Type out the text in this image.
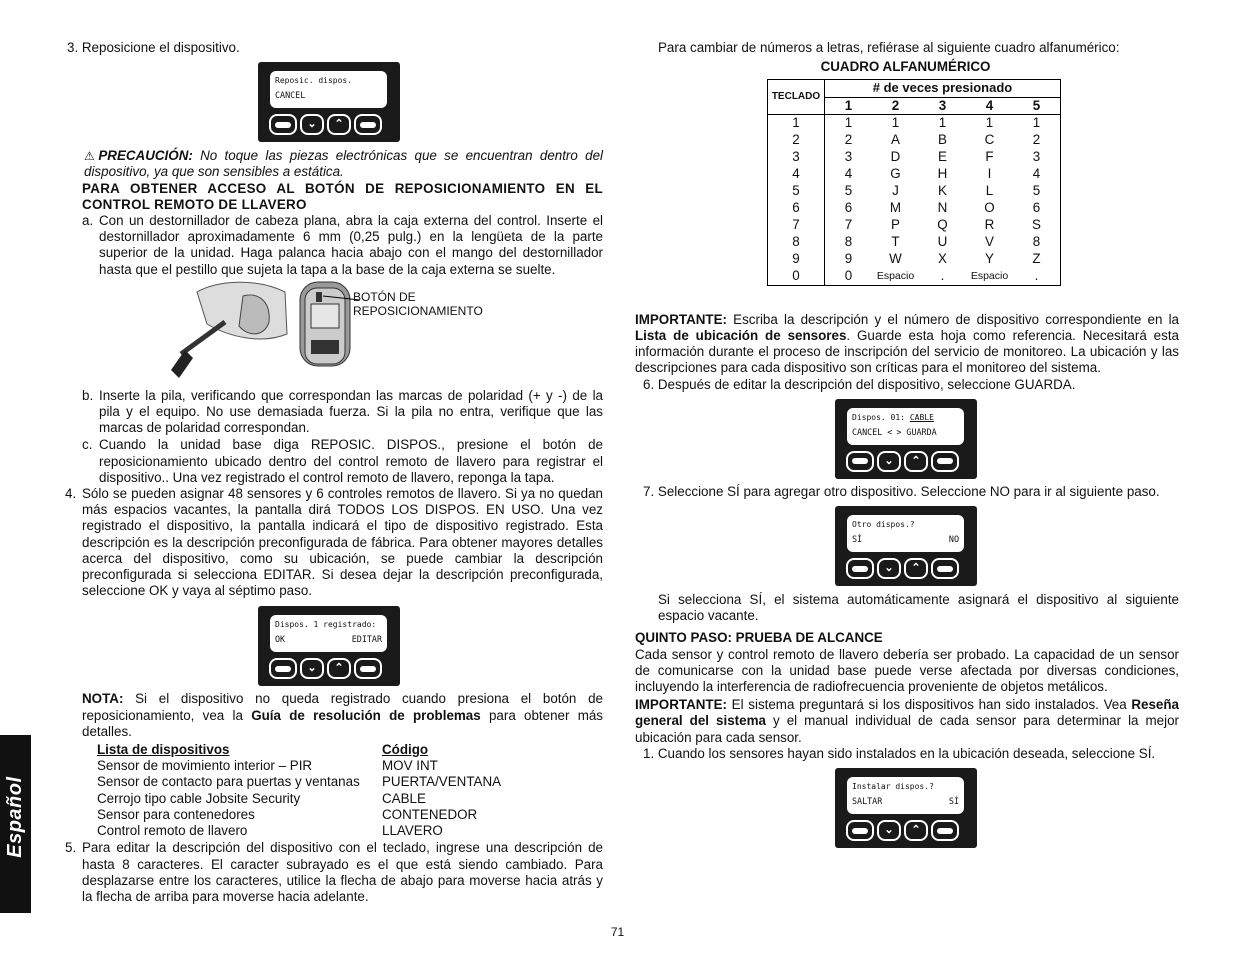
3. Reposicione el dispositivo.

Reposic. dispos.
CANCEL
⌄ ⌃

⚠PRECAUCIÓN: No toque las piezas electrónicas que se encuentran dentro del dispositivo, ya que son sensibles a estática.

PARA OBTENER ACCESO AL BOTÓN DE REPOSICIONAMIENTO EN EL CONTROL REMOTO DE LLAVERO

a. Con un destornillador de cabeza plana, abra la caja externa del control. Inserte el destornillador aproximadamente 6 mm (0,25 pulg.) en la lengüeta de la parte superior de la unidad. Haga palanca hacia abajo con el mango del destornillador hasta que el pestillo que sujeta la tapa a la base de la caja externa se suelte.
BOTÓN DE
REPOSICIONAMIENTO
b. Inserte la pila, verificando que correspondan las marcas de polaridad (+ y -) de la pila y el equipo. No use demasiada fuerza. Si la pila no entra, verifique que las marcas de polaridad correspondan.
c. Cuando la unidad base diga REPOSIC. DISPOS., presione el botón de reposicionamiento ubicado dentro del control remoto de llavero para registrar el dispositivo.. Una vez registrado el control remoto de llavero, reponga la tapa.
4. Sólo se pueden asignar 48 sensores y 6 controles remotos de llavero. Si ya no quedan más espacios vacantes, la pantalla dirá TODOS LOS DISPOS. EN USO. Una vez registrado el dispositivo, la pantalla indicará el tipo de dispositivo registrado. Esta descripción es la descripción preconfigurada de fábrica. Para obtener mayores detalles acerca del dispositivo, como su ubicación, se puede cambiar la descripción preconfigurada si selecciona EDITAR. Si desea dejar la descripción preconfigurada, seleccione OK y vaya al séptimo paso.
Dispos. 1 registrado:
OK	EDITAR
⌄ ⌃

NOTA: Si el dispositivo no queda registrado cuando presiona el botón de reposicionamiento, vea la Guía de resolución de problemas para obtener más detalles.

Lista de dispositivos	Código
Sensor de movimiento interior – PIR	MOV INT
Sensor de contacto para puertas y ventanas	PUERTA/VENTANA
Cerrojo tipo cable Jobsite Security	CABLE
Sensor para contenedores	CONTENEDOR
Control remoto de llavero	LLAVERO
5. Para editar la descripción del dispositivo con el teclado, ingrese una descripción de hasta 8 caracteres. El caracter subrayado es el que está siendo cambiado. Para desplazarse entre los caracteres, utilice la flecha de abajo para moverse hacia atrás y la flecha de arriba para moverse hacia adelante.

Para cambiar de números a letras, refiérase al siguiente cuadro alfanumérico:

CUADRO ALFANUMÉRICO

TECLADO	# de veces presionado				
	1	2	3	4	5
1	1	1	1	1	1
2	2	A	B	C	2
3	3	D	E	F	3
4	4	G	H	I	4
5	5	J	K	L	5
6	6	M	N	O	6
7	7	P	Q	R	S
8	8	T	U	V	8
9	9	W	X	Y	Z
0	0	Espacio	.	Espacio	.

IMPORTANTE: Escriba la descripción y el número de dispositivo correspondiente en la Lista de ubicación de sensores. Guarde esta hoja como referencia. Necesitará esta información durante el proceso de inscripción del servicio de monitoreo. La ubicación y las descripciones para cada dispositivo son críticas para el monitoreo del sistema.

6. Después de editar la descripción del dispositivo, seleccione GUARDA.

Dispos. 01: CABLE
CANCEL < > GUARDA
⌄ ⌃

7. Seleccione SÍ para agregar otro dispositivo. Seleccione NO para ir al siguiente paso.

Otro dispos.?
SÍ	NO
⌄ ⌃

Si selecciona SÍ, el sistema automáticamente asignará el dispositivo al siguiente espacio vacante.

QUINTO PASO: PRUEBA DE ALCANCE

Cada sensor y control remoto de llavero debería ser probado. La capacidad de un sensor de comunicarse con la unidad base puede verse afectada por diversas condiciones, incluyendo la interferencia de radiofrecuencia proveniente de objetos metálicos.

IMPORTANTE: El sistema preguntará si los dispositivos han sido instalados. Vea Reseña general del sistema y el manual individual de cada sensor para determinar la mejor ubicación para cada sensor.

1. Cuando los sensores hayan sido instalados en la ubicación deseada, seleccione SÍ.

Instalar dispos.?
SALTAR	SÍ
⌄ ⌃
Español
71
